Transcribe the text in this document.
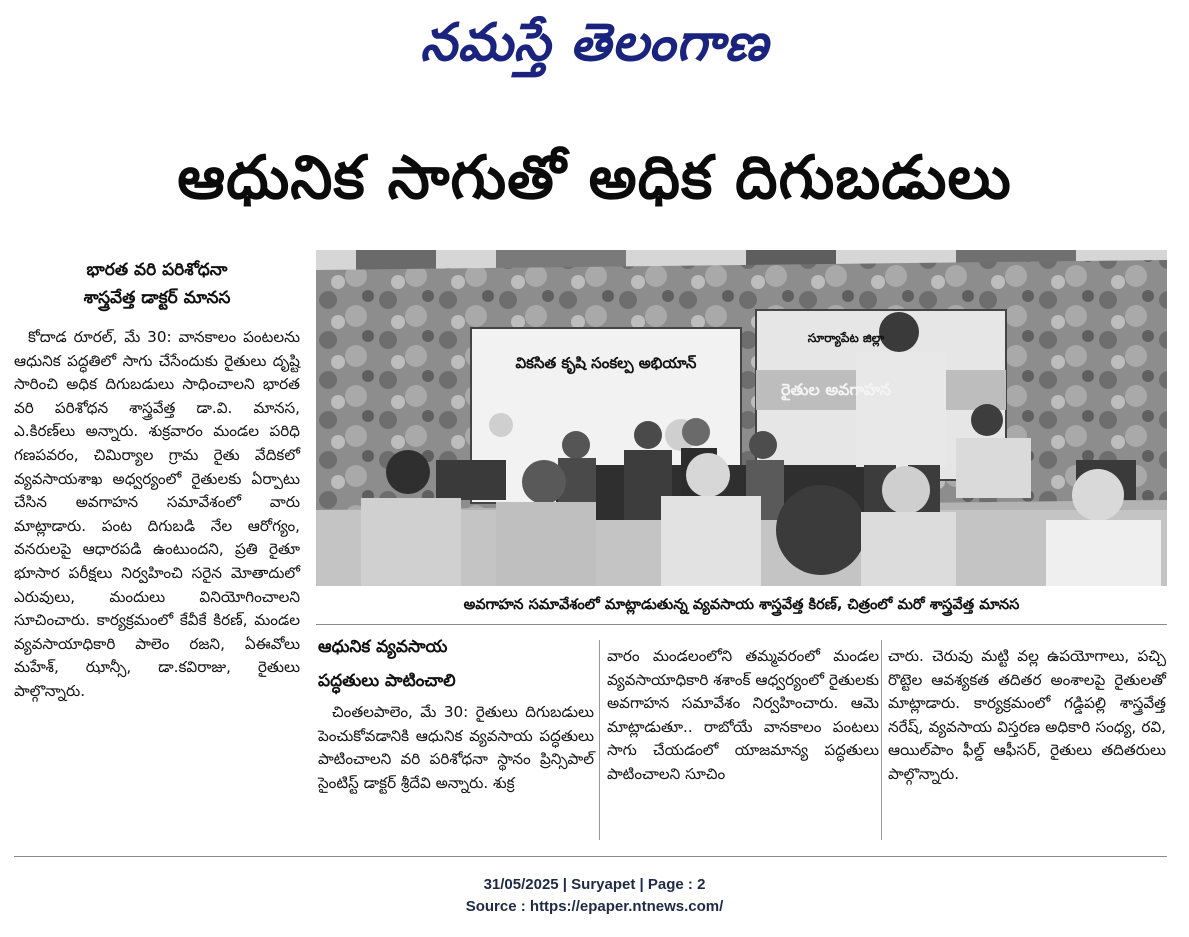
నమస్తే తెలంగాణ
ఆధునిక సాగుతో అధిక దిగుబడులు

భారత వరి పరిశోధనా

శాస్త్రవేత్త డాక్టర్ మానస

కోదాడ రూరల్, మే 30: వానకాలం పంటలను ఆధునిక పద్ధతిలో సాగు చేసేందుకు రైతులు దృష్టి సారించి అధిక దిగుబడులు సాధించాలని భారత వరి పరిశోధన శాస్త్రవేత్త డా.వి. మానస, ఎ.కిరణ్‌లు అన్నారు. శుక్రవారం మండల పరిధి గణపవరం, చిమిర్యాల గ్రామ రైతు వేదికలో వ్యవసాయశాఖ అధ్వర్యంలో రైతులకు ఏర్పాటు చేసిన అవగాహన సమావేశంలో వారు మాట్లాడారు. పంట దిగుబడి నేల ఆరోగ్యం, వనరులపై ఆధారపడి ఉంటుందని, ప్రతి రైతూ భూసార పరీక్షలు నిర్వహించి సరైన మోతాదులో ఎరువులు, మందులు వినియోగించాలని సూచించారు. కార్యక్రమంలో కేవీకే కిరణ్, మండల వ్యవసాయాధికారి పాలెం రజని, ఏఈవోలు మహేశ్, ఝాన్సీ, డా.కవిరాజు, రైతులు పాల్గొన్నారు.

వికసిత కృషి సంకల్ప అభియాన్
సూర్యాపేట జిల్లా
రైతుల అవగాహన
అవగాహన సమావేశంలో మాట్లాడుతున్న వ్యవసాయ శాస్త్రవేత్త కిరణ్, చిత్రంలో మరో శాస్త్రవేత్త మానస

ఆధునిక వ్యవసాయ

పద్ధతులు పాటించాలి

చింతలపాలెం, మే 30: రైతులు దిగుబడులు పెంచుకోవడానికి ఆధునిక వ్యవసాయ పద్ధతులు పాటించాలని వరి పరిశోధనా స్థానం ప్రిన్సిపాల్ సైంటిస్ట్ డాక్టర్ శ్రీదేవి అన్నారు. శుక్ర

వారం మండలంలోని తమ్మవరంలో మండల వ్యవసాయాధికారి శశాంక్ ఆధ్వర్యంలో రైతులకు అవగాహన సమావేశం నిర్వహించారు. ఆమె మాట్లాడుతూ.. రాబోయే వానకాలం పంటలు సాగు చేయడంలో యాజమాన్య పద్ధతులు పాటించాలని సూచిం

చారు. చెరువు మట్టి వల్ల ఉపయోగాలు, పచ్చి రొట్టెల ఆవశ్యకత తదితర అంశాలపై రైతులతో మాట్లాడారు. కార్యక్రమంలో గడ్డిపల్లి శాస్త్రవేత్త నరేష్, వ్యవసాయ విస్తరణ అధికారి సంధ్య, రవి, ఆయిల్‌పాం ఫీల్డ్ ఆఫీసర్, రైతులు తదితరులు పాల్గొన్నారు.

31/05/2025 | Suryapet | Page : 2
Source : https://epaper.ntnews.com/
